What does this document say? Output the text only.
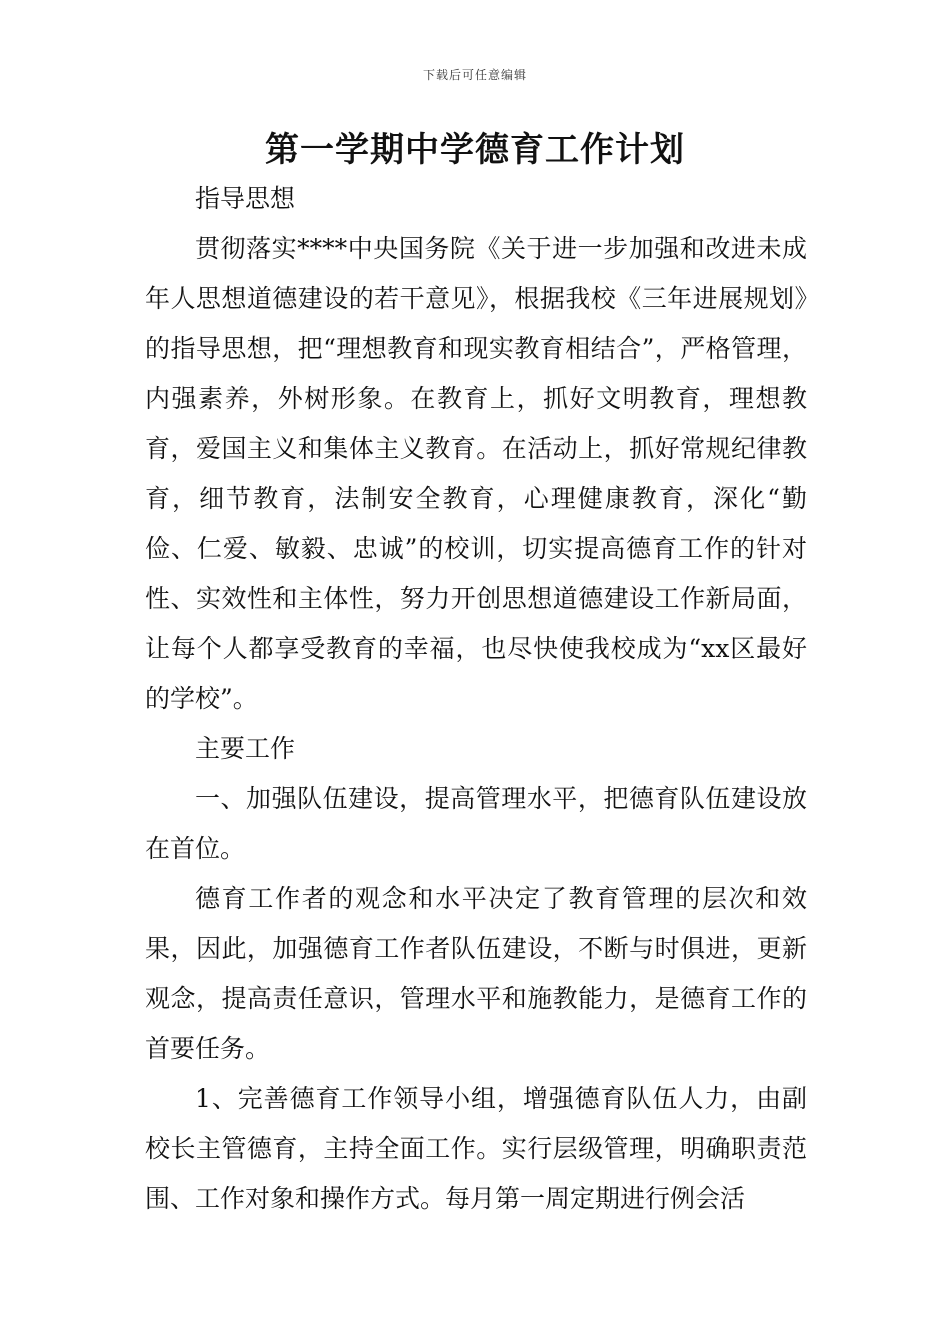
下载后可任意编辑
第一学期中学德育工作计划

指导思想

贯彻落实****中央国务院《关于进一步加强和改进未成年人思想道德建设的若干意见》，根据我校《三年进展规划》的指导思想，把“理想教育和现实教育相结合”，严格管理，内强素养，外树形象。在教育上，抓好文明教育，理想教育，爱国主义和集体主义教育。在活动上，抓好常规纪律教育，细节教育，法制安全教育，心理健康教育，深化“勤俭、仁爱、敏毅、忠诚”的校训，切实提高德育工作的针对性、实效性和主体性，努力开创思想道德建设工作新局面，让每个人都享受教育的幸福，也尽快使我校成为“xx区最好的学校”。

主要工作

一、加强队伍建设，提高管理水平，把德育队伍建设放在首位。

德育工作者的观念和水平决定了教育管理的层次和效果，因此，加强德育工作者队伍建设，不断与时俱进，更新观念，提高责任意识，管理水平和施教能力，是德育工作的首要任务。

1、完善德育工作领导小组，增强德育队伍人力，由副校长主管德育，主持全面工作。实行层级管理，明确职责范围、工作对象和操作方式。每月第一周定期进行例会活
